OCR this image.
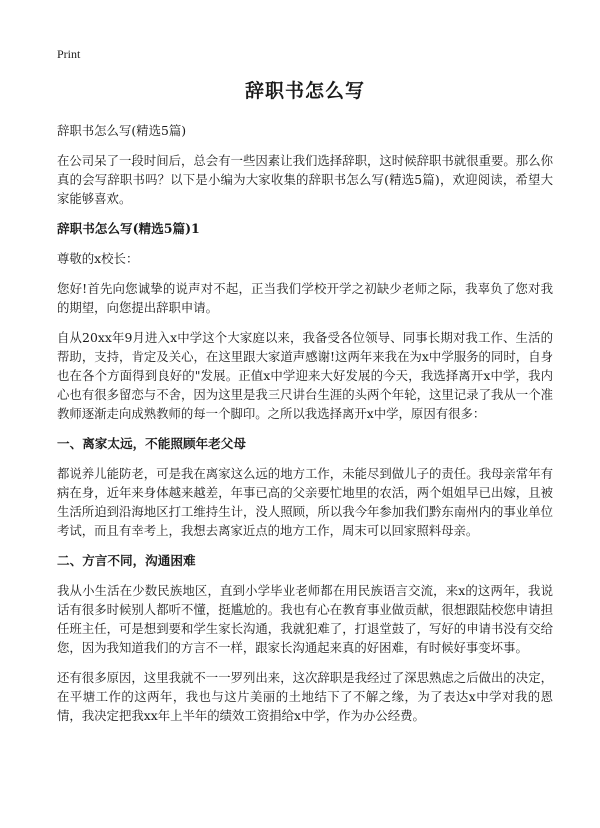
Print
辞职书怎么写

辞职书怎么写(精选5篇)

在公司呆了一段时间后，总会有一些因素让我们选择辞职，这时候辞职书就很重要。那么你真的会写辞职书吗？以下是小编为大家收集的辞职书怎么写(精选5篇)，欢迎阅读，希望大家能够喜欢。

辞职书怎么写(精选5篇)1

尊敬的x校长：

您好!首先向您诚挚的说声对不起，正当我们学校开学之初缺少老师之际，我辜负了您对我的期望，向您提出辞职申请。

自从20xx年9月进入x中学这个大家庭以来，我备受各位领导、同事长期对我工作、生活的帮助，支持，肯定及关心，在这里跟大家道声感谢!这两年来我在为x中学服务的同时，自身也在各个方面得到良好的"发展。正值x中学迎来大好发展的今天，我选择离开x中学，我内心也有很多留恋与不舍，因为这里是我三尺讲台生涯的头两个年轮，这里记录了我从一个准教师逐渐走向成熟教师的每一个脚印。之所以我选择离开x中学，原因有很多：

一、离家太远，不能照顾年老父母

都说养儿能防老，可是我在离家这么远的地方工作，未能尽到做儿子的责任。我母亲常年有病在身，近年来身体越来越差，年事已高的父亲要忙地里的农活，两个姐姐早已出嫁，且被生活所迫到沿海地区打工维持生计，没人照顾，所以我今年参加我们黔东南州内的事业单位考试，而且有幸考上，我想去离家近点的地方工作，周末可以回家照料母亲。

二、方言不同，沟通困难

我从小生活在少数民族地区，直到小学毕业老师都在用民族语言交流，来x的这两年，我说话有很多时候别人都听不懂，挺尴尬的。我也有心在教育事业做贡献，很想跟陆校您申请担任班主任，可是想到要和学生家长沟通，我就犯难了，打退堂鼓了，写好的申请书没有交给您，因为我知道我们的方言不一样，跟家长沟通起来真的好困难，有时候好事变坏事。

还有很多原因，这里我就不一一罗列出来，这次辞职是我经过了深思熟虑之后做出的决定，在平塘工作的这两年，我也与这片美丽的土地结下了不解之缘，为了表达x中学对我的恩情，我决定把我xx年上半年的绩效工资捐给x中学，作为办公经费。
